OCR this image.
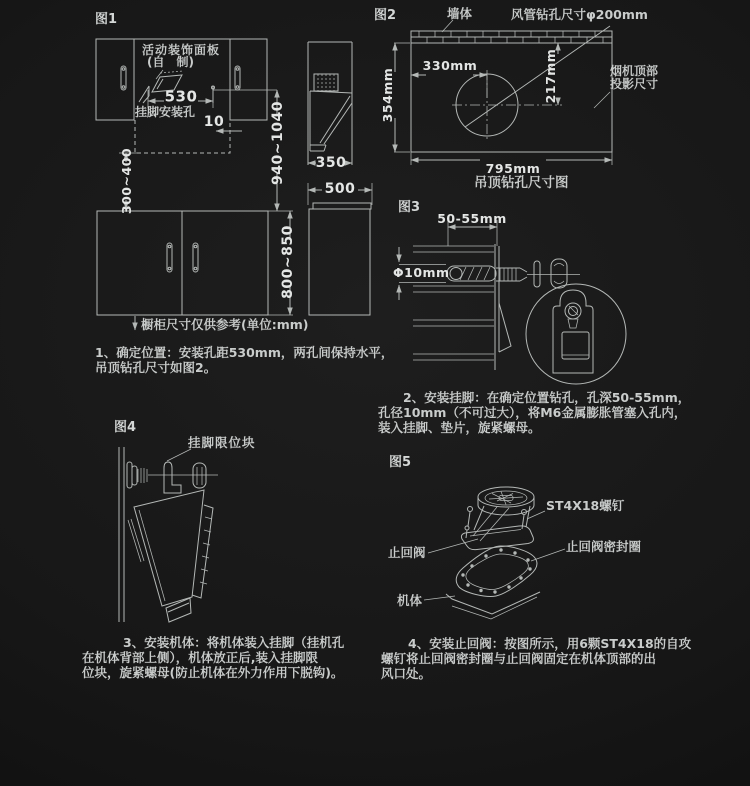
图1
活动装饰面板
(自　制)
530
挂脚安装孔
10	940~1040
300~400
800~850
350
500
橱柜尺寸仅供参考(单位:mm)
1、确定位置：安装孔距530mm，两孔间保持水平，
吊顶钻孔尺寸如图2。
图2	墙体	风管钻孔尺寸φ200mm
330mm
354mm	217mm
795mm
烟机顶部
投影尺寸
吊顶钻孔尺寸图
图3
50-55mm
Φ10mm
2、安装挂脚：在确定位置钻孔，孔深50-55mm，
孔径10mm（不可过大），将M6金属膨胀管塞入孔内，
装入挂脚、垫片，旋紧螺母。
图4
挂脚限位块
3、安装机体：将机体装入挂脚（挂机孔
在机体背部上侧），机体放正后,装入挂脚限
位块，旋紧螺母(防止机体在外力作用下脱钩)。
图5
ST4X18螺钉
止回阀	止回阀密封圈
机体
4、安装止回阀：按图所示，用6颗ST4X18的自攻
螺钉将止回阀密封圈与止回阀固定在机体顶部的出
风口处。
